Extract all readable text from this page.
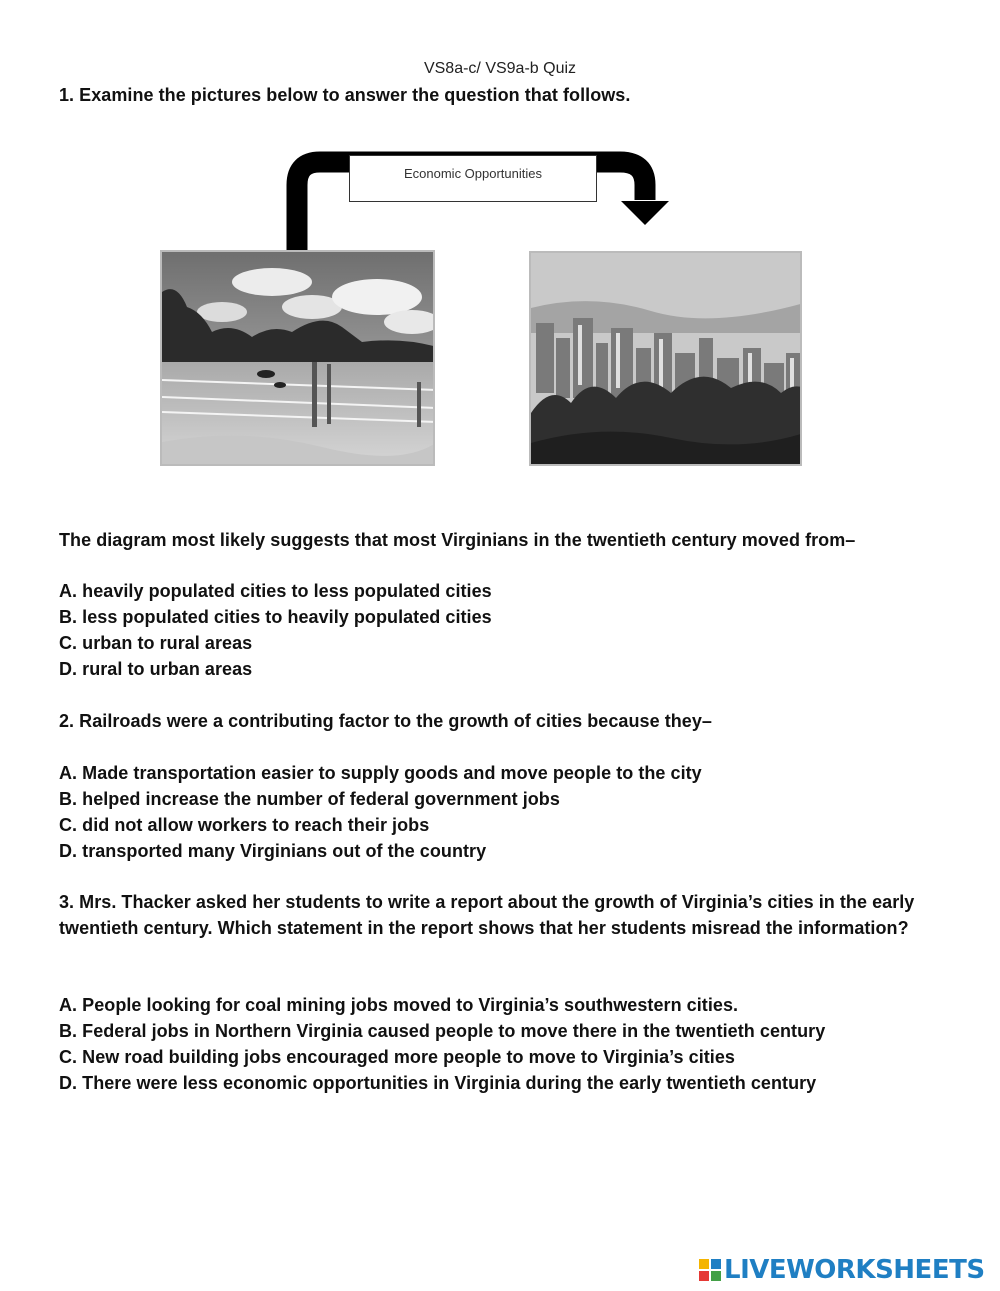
VS8a-c/ VS9a-b Quiz
1. Examine the pictures below to answer the question that follows.
Economic Opportunities
The diagram most likely suggests that most Virginians in the twentieth century moved from–
A. heavily populated cities to less populated cities
B. less populated cities to heavily populated cities
C. urban to rural areas
D. rural to urban areas
2. Railroads were a contributing factor to the growth of cities because they–
A. Made transportation easier to supply goods and move people to the city
B. helped increase the number of federal government jobs
C. did not allow workers to reach their jobs
D. transported many Virginians out of the country
3. Mrs. Thacker asked her students to write a report about the growth of Virginia’s cities in the early twentieth century. Which statement in the report shows that her students misread the information?
A. People looking for coal mining jobs moved to Virginia’s southwestern cities.
B. Federal jobs in Northern Virginia caused people to move there in the twentieth century
C. New road building jobs encouraged more people to move to Virginia’s cities
D. There were less economic opportunities in Virginia during the early twentieth century
LIVEWORKSHEETS
